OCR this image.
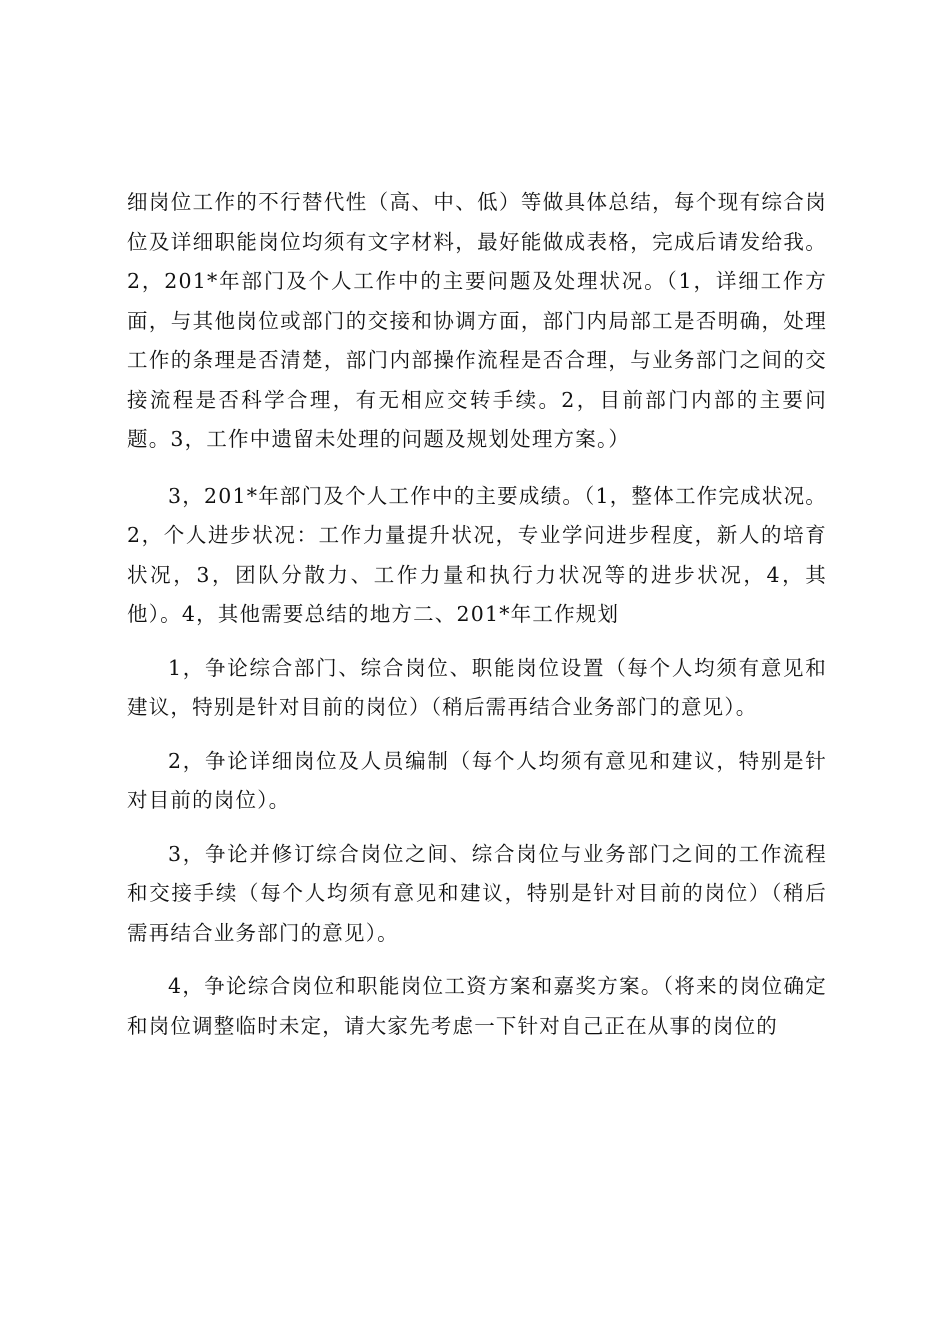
细岗位工作的不行替代性（高、中、低）等做具体总结，每个现有综合岗位及详细职能岗位均须有文字材料，最好能做成表格，完成后请发给我。2，201*年部门及个人工作中的主要问题及处理状况。（1，详细工作方面，与其他岗位或部门的交接和协调方面，部门内局部工是否明确，处理工作的条理是否清楚，部门内部操作流程是否合理，与业务部门之间的交接流程是否科学合理，有无相应交转手续。2，目前部门内部的主要问题。3，工作中遗留未处理的问题及规划处理方案。）

3，201*年部门及个人工作中的主要成绩。（1，整体工作完成状况。2，个人进步状况：工作力量提升状况，专业学问进步程度，新人的培育状况，3，团队分散力、工作力量和执行力状况等的进步状况，4，其他）。4，其他需要总结的地方二、201*年工作规划

1，争论综合部门、综合岗位、职能岗位设置（每个人均须有意见和建议，特别是针对目前的岗位）（稍后需再结合业务部门的意见）。

2，争论详细岗位及人员编制（每个人均须有意见和建议，特别是针对目前的岗位）。

3，争论并修订综合岗位之间、综合岗位与业务部门之间的工作流程和交接手续（每个人均须有意见和建议，特别是针对目前的岗位）（稍后需再结合业务部门的意见）。

4，争论综合岗位和职能岗位工资方案和嘉奖方案。（将来的岗位确定和岗位调整临时未定，请大家先考虑一下针对自己正在从事的岗位的
